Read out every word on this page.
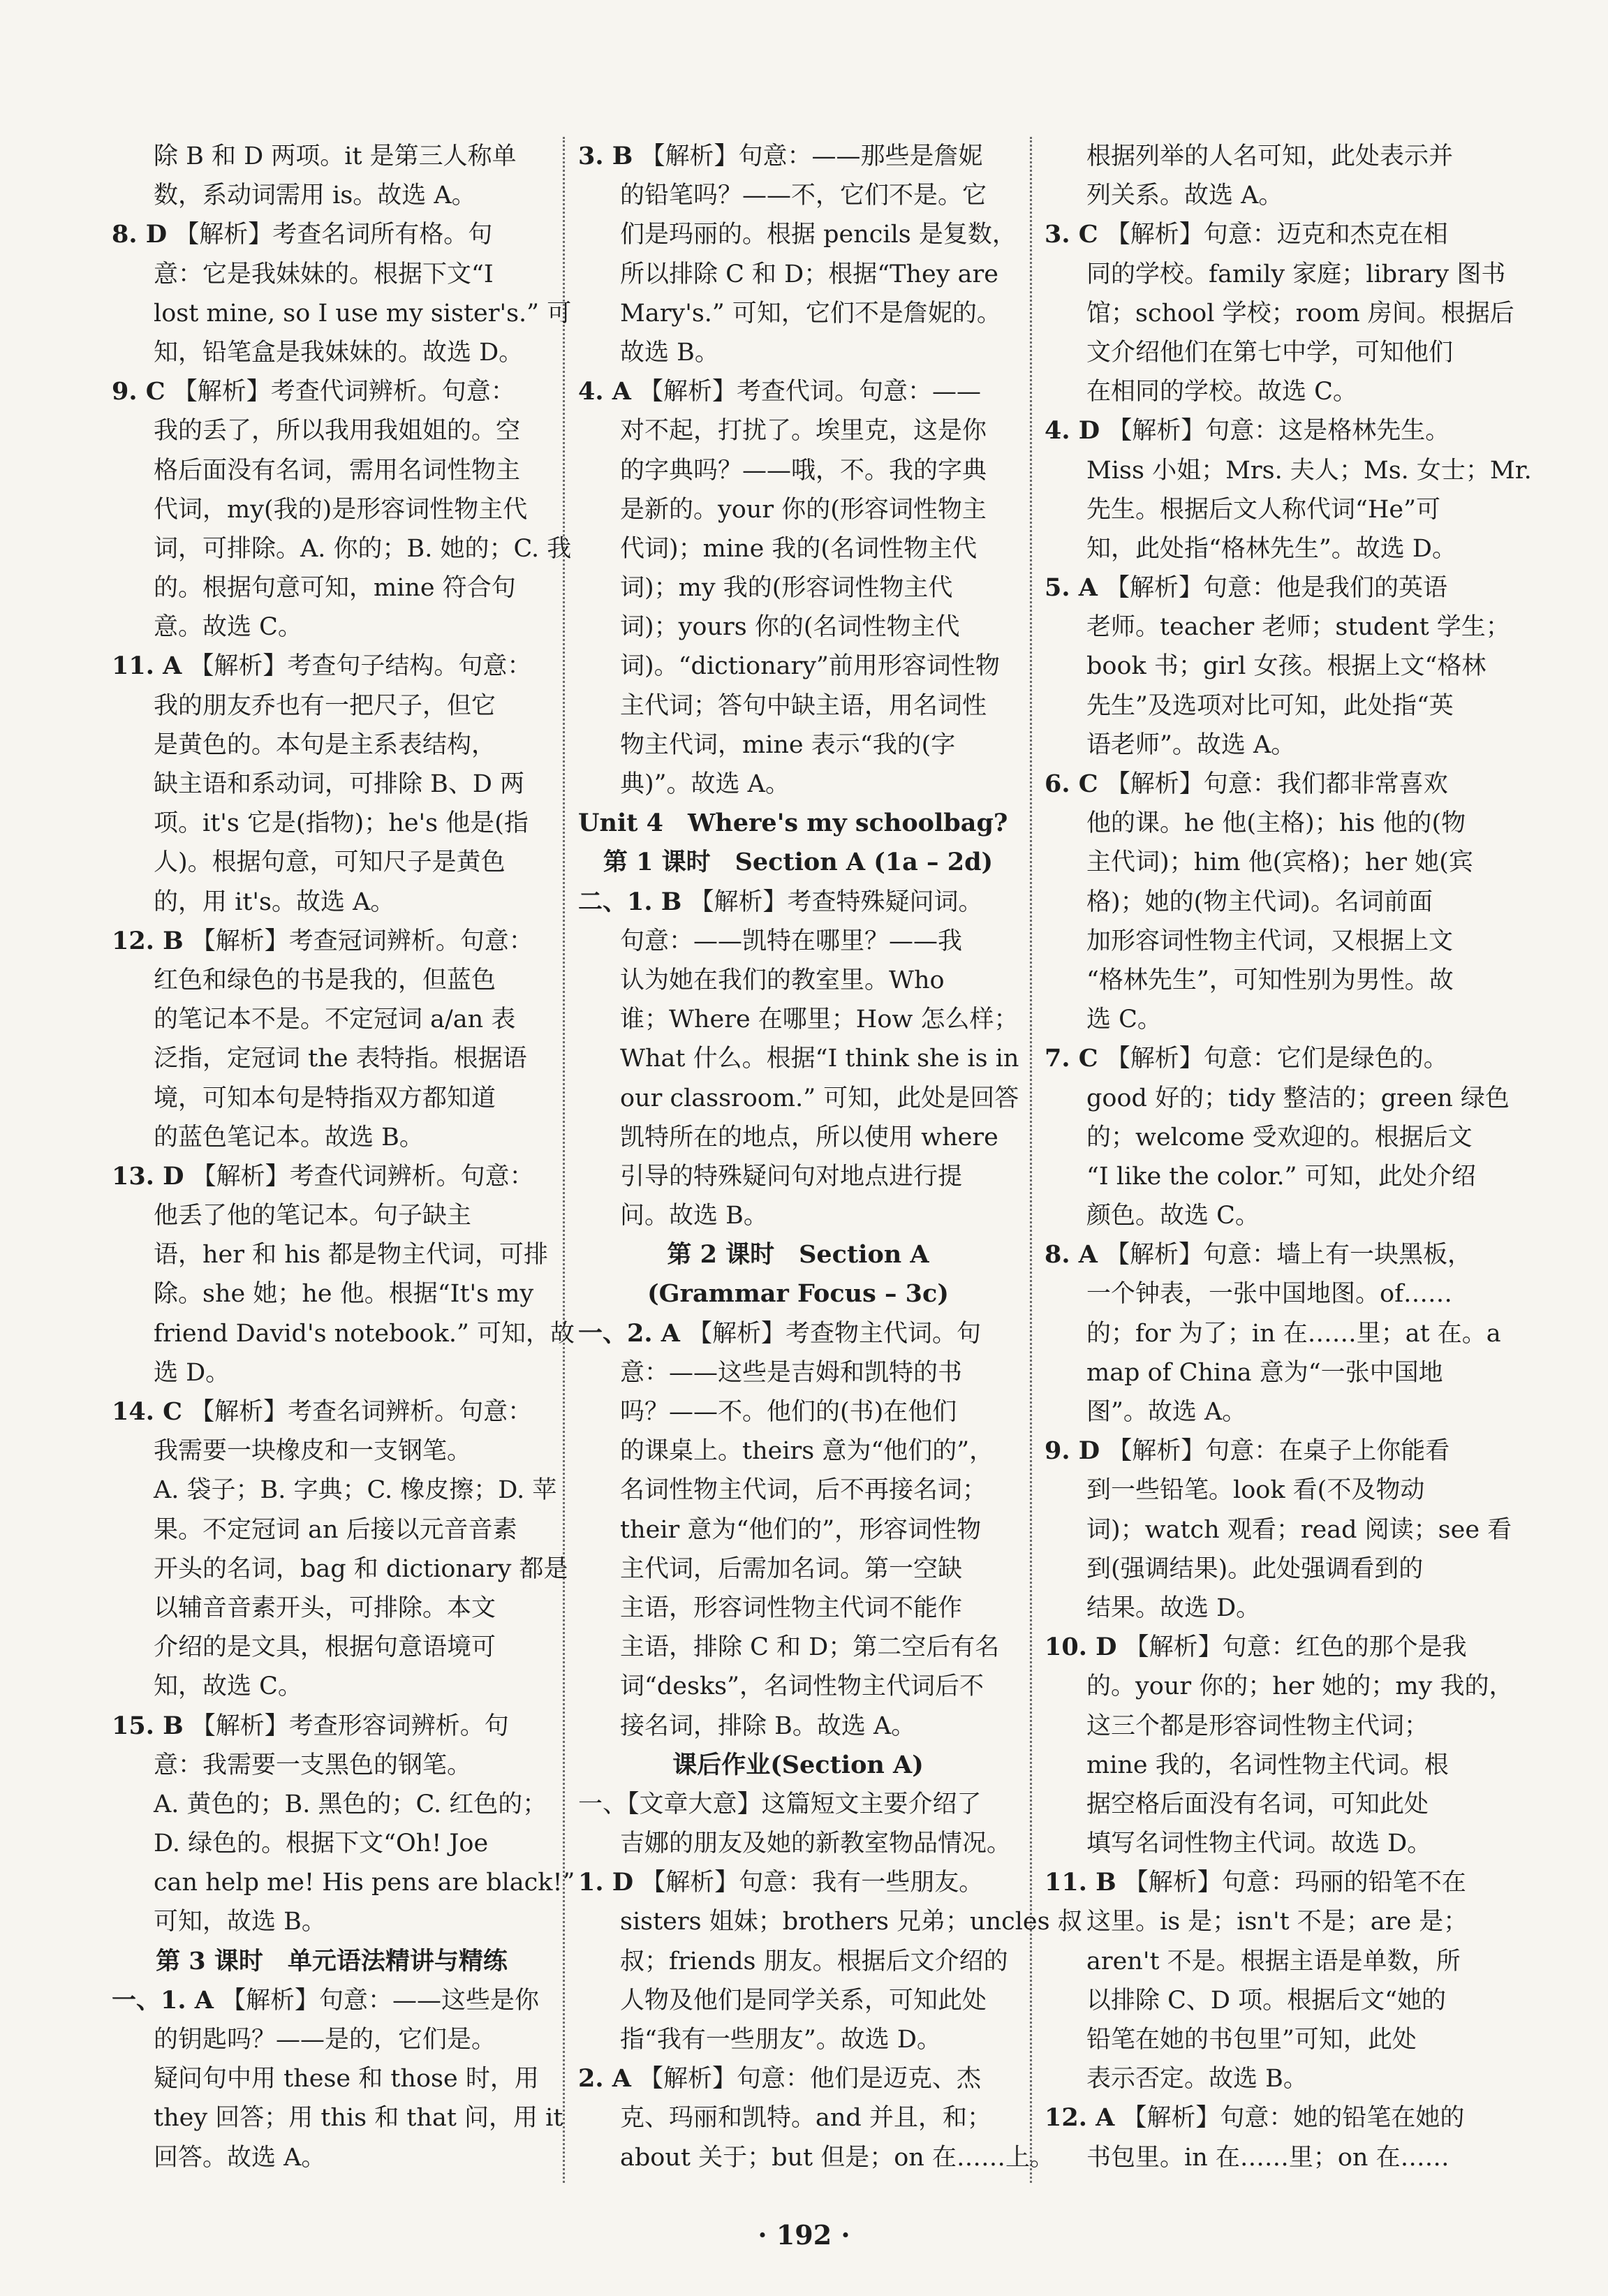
除 B 和 D 两项。it 是第三人称单
数，系动词需用 is。故选 A。
8. D 【解析】考查名词所有格。句
意：它是我妹妹的。根据下文“I
lost mine, so I use my sister's.” 可
知，铅笔盒是我妹妹的。故选 D。
9. C 【解析】考查代词辨析。句意：
我的丢了，所以我用我姐姐的。空
格后面没有名词，需用名词性物主
代词，my(我的)是形容词性物主代
词，可排除。A. 你的；B. 她的；C. 我
的。根据句意可知，mine 符合句
意。故选 C。
11. A 【解析】考查句子结构。句意：
我的朋友乔也有一把尺子，但它
是黄色的。本句是主系表结构，
缺主语和系动词，可排除 B、D 两
项。it's 它是(指物)；he's 他是(指
人)。根据句意，可知尺子是黄色
的，用 it's。故选 A。
12. B 【解析】考查冠词辨析。句意：
红色和绿色的书是我的，但蓝色
的笔记本不是。不定冠词 a/an 表
泛指，定冠词 the 表特指。根据语
境，可知本句是特指双方都知道
的蓝色笔记本。故选 B。
13. D 【解析】考查代词辨析。句意：
他丢了他的笔记本。句子缺主
语，her 和 his 都是物主代词，可排
除。she 她；he 他。根据“It's my
friend David's notebook.” 可知，故
选 D。
14. C 【解析】考查名词辨析。句意：
我需要一块橡皮和一支钢笔。
A. 袋子；B. 字典；C. 橡皮擦；D. 苹
果。不定冠词 an 后接以元音音素
开头的名词，bag 和 dictionary 都是
以辅音音素开头，可排除。本文
介绍的是文具，根据句意语境可
知，故选 C。
15. B 【解析】考查形容词辨析。句
意：我需要一支黑色的钢笔。
A. 黄色的；B. 黑色的；C. 红色的；
D. 绿色的。根据下文“Oh! Joe
can help me! His pens are black!”
可知，故选 B。
第 3 课时　单元语法精讲与精练
一、1. A 【解析】句意：——这些是你
的钥匙吗？——是的，它们是。
疑问句中用 these 和 those 时，用
they 回答；用 this 和 that 问，用 it
回答。故选 A。
3. B 【解析】句意：——那些是詹妮
的铅笔吗？——不，它们不是。它
们是玛丽的。根据 pencils 是复数，
所以排除 C 和 D；根据“They are
Mary's.” 可知，它们不是詹妮的。
故选 B。
4. A 【解析】考查代词。句意：——
对不起，打扰了。埃里克，这是你
的字典吗？——哦，不。我的字典
是新的。your 你的(形容词性物主
代词)；mine 我的(名词性物主代
词)；my 我的(形容词性物主代
词)；yours 你的(名词性物主代
词)。“dictionary”前用形容词性物
主代词；答句中缺主语，用名词性
物主代词，mine 表示“我的(字
典)”。故选 A。
Unit 4　Where's my schoolbag?
第 1 课时　Section A (1a – 2d)
二、1. B 【解析】考查特殊疑问词。
句意：——凯特在哪里？——我
认为她在我们的教室里。Who
谁；Where 在哪里；How 怎么样；
What 什么。根据“I think she is in
our classroom.” 可知，此处是回答
凯特所在的地点，所以使用 where
引导的特殊疑问句对地点进行提
问。故选 B。
第 2 课时　Section A
(Grammar Focus – 3c)
一、2. A 【解析】考查物主代词。句
意：——这些是吉姆和凯特的书
吗？——不。他们的(书)在他们
的课桌上。theirs 意为“他们的”，
名词性物主代词，后不再接名词；
their 意为“他们的”，形容词性物
主代词，后需加名词。第一空缺
主语，形容词性物主代词不能作
主语，排除 C 和 D；第二空后有名
词“desks”，名词性物主代词后不
接名词，排除 B。故选 A。
课后作业(Section A)
一、【文章大意】这篇短文主要介绍了
吉娜的朋友及她的新教室物品情况。
1. D 【解析】句意：我有一些朋友。
sisters 姐妹；brothers 兄弟；uncles 叔
叔；friends 朋友。根据后文介绍的
人物及他们是同学关系，可知此处
指“我有一些朋友”。故选 D。
2. A 【解析】句意：他们是迈克、杰
克、玛丽和凯特。and 并且，和；
about 关于；but 但是；on 在……上。
根据列举的人名可知，此处表示并
列关系。故选 A。
3. C 【解析】句意：迈克和杰克在相
同的学校。family 家庭；library 图书
馆；school 学校；room 房间。根据后
文介绍他们在第七中学，可知他们
在相同的学校。故选 C。
4. D 【解析】句意：这是格林先生。
Miss 小姐；Mrs. 夫人；Ms. 女士；Mr.
先生。根据后文人称代词“He”可
知，此处指“格林先生”。故选 D。
5. A 【解析】句意：他是我们的英语
老师。teacher 老师；student 学生；
book 书；girl 女孩。根据上文“格林
先生”及选项对比可知，此处指“英
语老师”。故选 A。
6. C 【解析】句意：我们都非常喜欢
他的课。he 他(主格)；his 他的(物
主代词)；him 他(宾格)；her 她(宾
格)；她的(物主代词)。名词前面
加形容词性物主代词，又根据上文
“格林先生”，可知性别为男性。故
选 C。
7. C 【解析】句意：它们是绿色的。
good 好的；tidy 整洁的；green 绿色
的；welcome 受欢迎的。根据后文
“I like the color.” 可知，此处介绍
颜色。故选 C。
8. A 【解析】句意：墙上有一块黑板，
一个钟表，一张中国地图。of……
的；for 为了；in 在……里；at 在。a
map of China 意为“一张中国地
图”。故选 A。
9. D 【解析】句意：在桌子上你能看
到一些铅笔。look 看(不及物动
词)；watch 观看；read 阅读；see 看
到(强调结果)。此处强调看到的
结果。故选 D。
10. D 【解析】句意：红色的那个是我
的。your 你的；her 她的；my 我的，
这三个都是形容词性物主代词；
mine 我的，名词性物主代词。根
据空格后面没有名词，可知此处
填写名词性物主代词。故选 D。
11. B 【解析】句意：玛丽的铅笔不在
这里。is 是；isn't 不是；are 是；
aren't 不是。根据主语是单数，所
以排除 C、D 项。根据后文“她的
铅笔在她的书包里”可知，此处
表示否定。故选 B。
12. A 【解析】句意：她的铅笔在她的
书包里。in 在……里；on 在……
· 192 ·
